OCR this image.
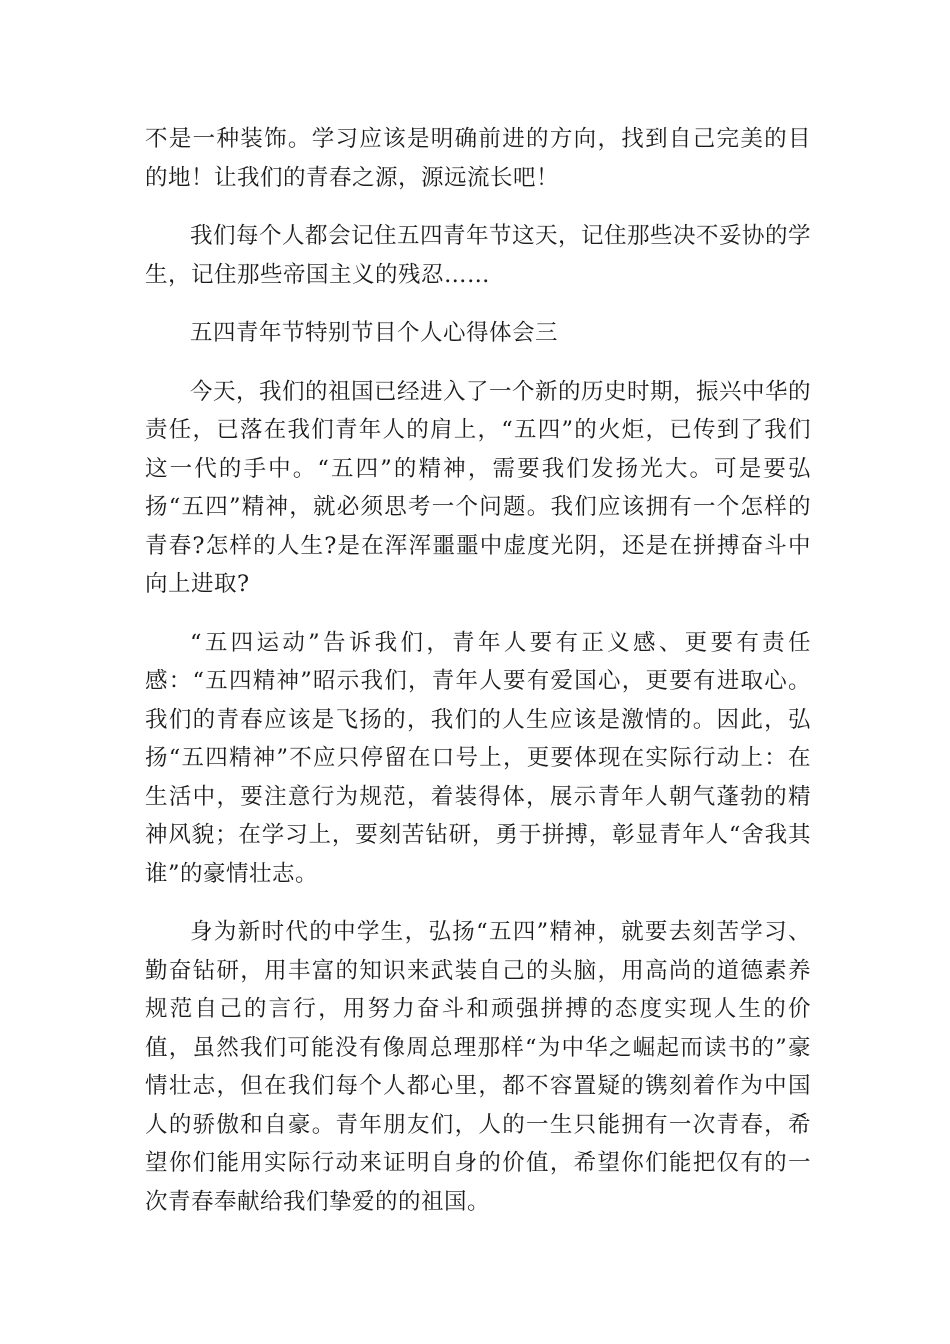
不是一种装饰。学习应该是明确前进的方向，找到自己完美的目的地！让我们的青春之源，源远流长吧！

我们每个人都会记住五四青年节这天，记住那些决不妥协的学生，记住那些帝国主义的残忍……

五四青年节特别节目个人心得体会三

今天，我们的祖国已经进入了一个新的历史时期，振兴中华的责任，已落在我们青年人的肩上，“五四”的火炬，已传到了我们这一代的手中。“五四”的精神，需要我们发扬光大。可是要弘扬“五四”精神，就必须思考一个问题。我们应该拥有一个怎样的青春?怎样的人生?是在浑浑噩噩中虚度光阴，还是在拼搏奋斗中向上进取?

“五四运动”告诉我们，青年人要有正义感、更要有责任感：“五四精神”昭示我们，青年人要有爱国心，更要有进取心。我们的青春应该是飞扬的，我们的人生应该是激情的。因此，弘扬“五四精神”不应只停留在口号上，更要体现在实际行动上：在生活中，要注意行为规范，着装得体，展示青年人朝气蓬勃的精神风貌；在学习上，要刻苦钻研，勇于拼搏，彰显青年人“舍我其谁”的豪情壮志。

身为新时代的中学生，弘扬“五四”精神，就要去刻苦学习、勤奋钻研，用丰富的知识来武装自己的头脑，用高尚的道德素养规范自己的言行，用努力奋斗和顽强拼搏的态度实现人生的价值，虽然我们可能没有像周总理那样“为中华之崛起而读书的”豪情壮志，但在我们每个人都心里，都不容置疑的镌刻着作为中国人的骄傲和自豪。青年朋友们，人的一生只能拥有一次青春，希望你们能用实际行动来证明自身的价值，希望你们能把仅有的一次青春奉献给我们挚爱的的祖国。
